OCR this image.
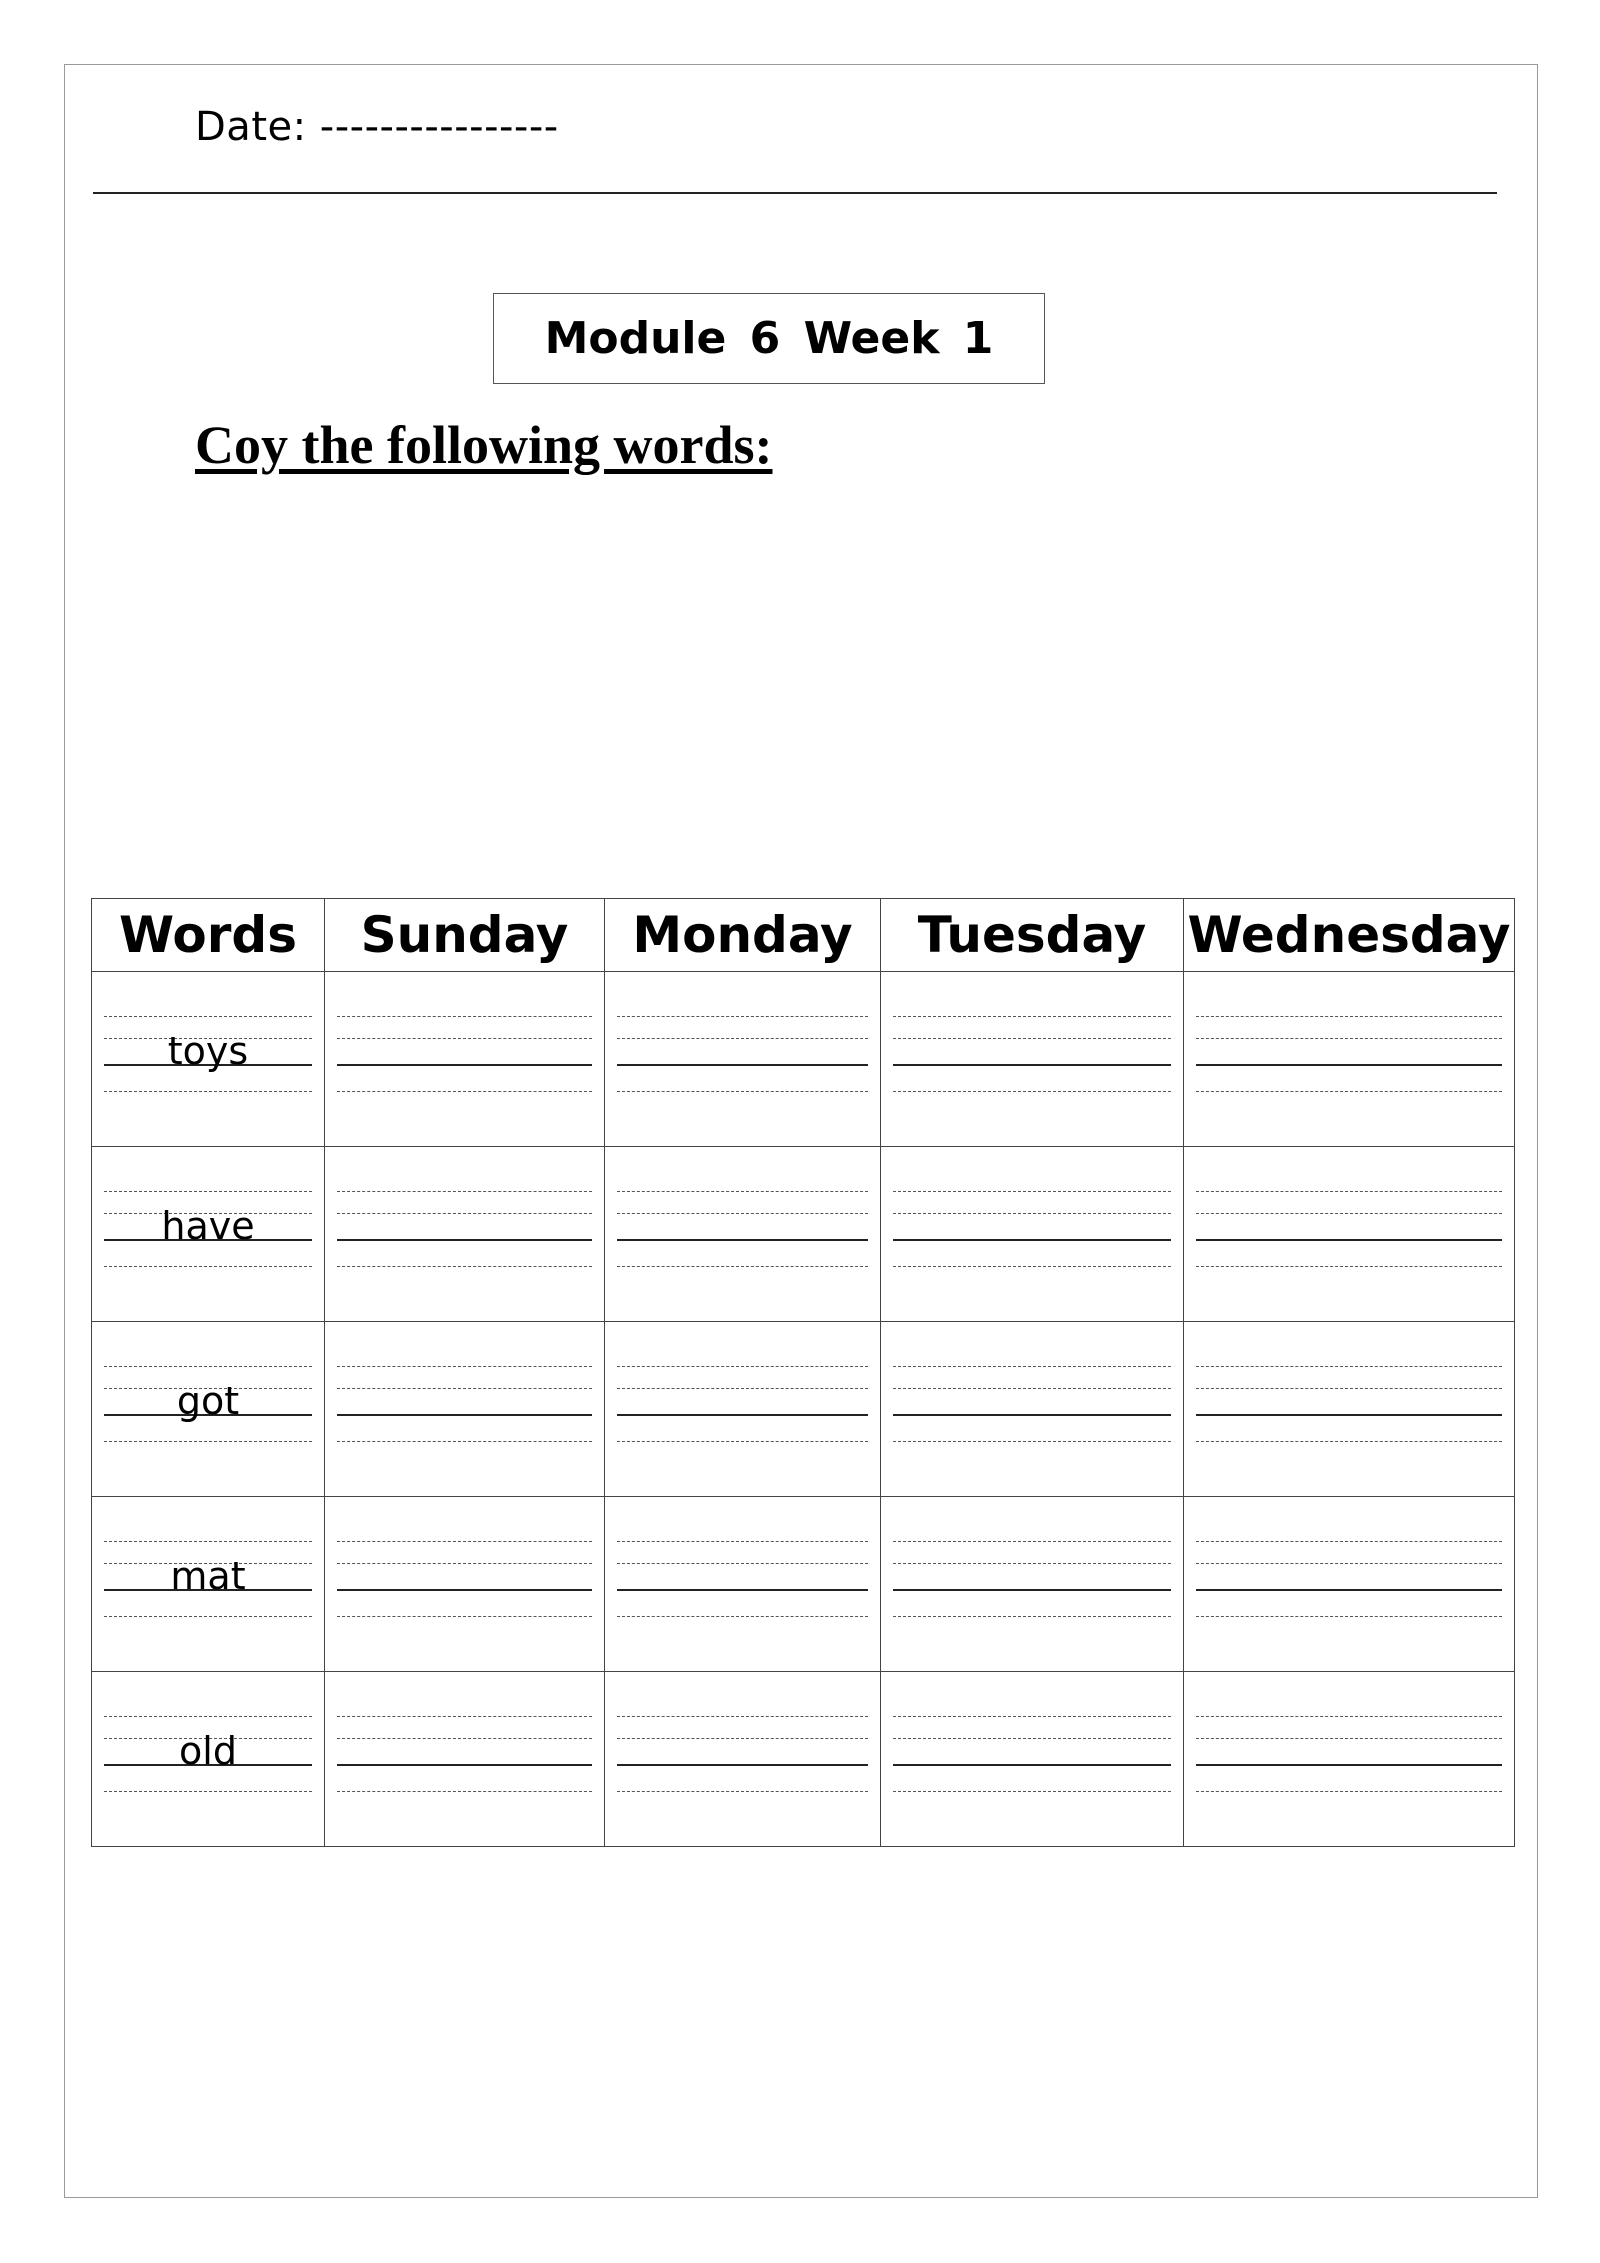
Date: ----------------
Module 6 Week 1
Coy the following words:
Words	Sunday	Monday	Tuesday	Wednesday

toys				

have				

got				

mat				

old				
